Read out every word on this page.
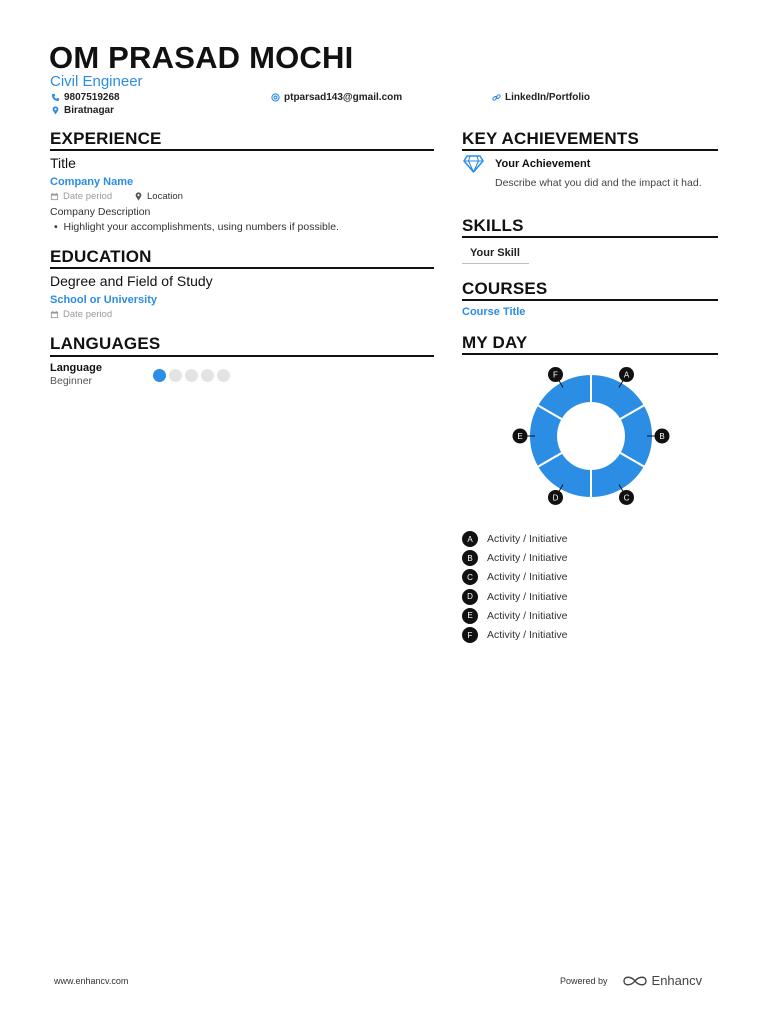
OM PRASAD MOCHI
Civil Engineer
9807519268	ptparsad143@gmail.com	LinkedIn/Portfolio
Biratnagar
EXPERIENCE
Title
Company Name
Date period	Location
Company Description
•  Highlight your accomplishments, using numbers if possible.
EDUCATION
Degree and Field of Study
School or University
Date period
LANGUAGES
Language
Beginner
KEY ACHIEVEMENTS
Your Achievement
Describe what you did and the impact it had.
SKILLS
Your Skill
COURSES
Course Title
MY DAY
A
B
C
D
E
F
A	Activity / Initiative
B	Activity / Initiative
C	Activity / Initiative
D	Activity / Initiative
E	Activity / Initiative
F	Activity / Initiative
www.enhancv.com	Powered by	Enhancv
